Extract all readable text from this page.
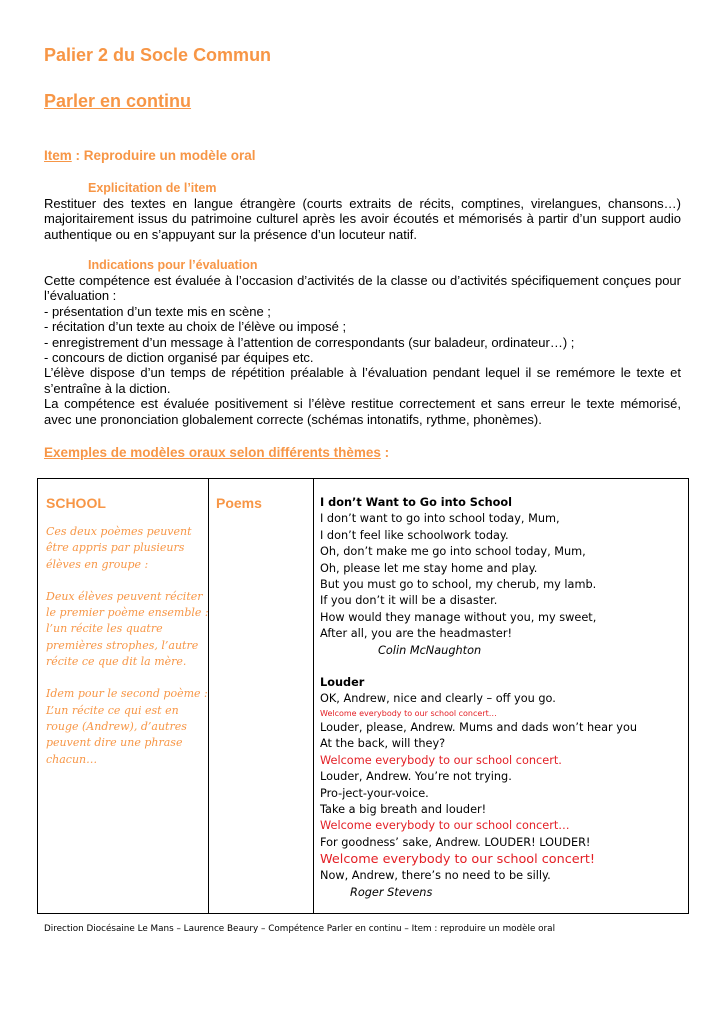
Palier 2 du Socle Commun
Parler en continu
Item : Reproduire un modèle oral
Explicitation de l’item

Restituer des textes en langue étrangère (courts extraits de récits, comptines, virelangues, chansons…) majoritairement issus du patrimoine culturel après les avoir écoutés et mémorisés à partir d’un support audio authentique ou en s’appuyant sur la présence d’un locuteur natif.

Indications pour l’évaluation

Cette compétence est évaluée à l’occasion d’activités de la classe ou d’activités spécifiquement conçues pour l’évaluation :

- présentation d’un texte mis en scène ;

- récitation d’un texte au choix de l’élève ou imposé ;

- enregistrement d’un message à l’attention de correspondants (sur baladeur, ordinateur…) ;

- concours de diction organisé par équipes etc.

L’élève dispose d’un temps de répétition préalable à l’évaluation pendant lequel il se remémore le texte et s’entraîne à la diction.

La compétence est évaluée positivement si l’élève restitue correctement et sans erreur le texte mémorisé, avec une prononciation globalement correcte (schémas intonatifs, rythme, phonèmes).

Exemples de modèles oraux selon différents thèmes :
SCHOOL

Ces deux poèmes peuvent être appris par plusieurs élèves en groupe :

Deux élèves peuvent réciter le premier poème ensemble : l’un récite les quatre premières strophes, l’autre récite ce que dit la mère.

Idem pour le second poème : L’un récite ce qui est en rouge (Andrew), d’autres peuvent dire une phrase chacun…

Poems	I don’t Want to Go into School
I don’t want to go into school today, Mum,
I don’t feel like schoolwork today.
Oh, don’t make me go into school today, Mum,
Oh, please let me stay home and play.
But you must go to school, my cherub, my lamb.
If you don’t it will be a disaster.
How would they manage without you, my sweet,
After all, you are the headmaster!
Colin McNaughton
Louder
OK, Andrew, nice and clearly – off you go.
Welcome everybody to our school concert…
Louder, please, Andrew. Mums and dads won’t hear you
At the back, will they?
Welcome everybody to our school concert.
Louder, Andrew. You’re not trying.
Pro-ject-your-voice.
Take a big breath and louder!
Welcome everybody to our school concert…
For goodness’ sake, Andrew. LOUDER! LOUDER!
Welcome everybody to our school concert!
Now, Andrew, there’s no need to be silly.
Roger Stevens
Direction Diocésaine Le Mans – Laurence Beaury – Compétence Parler en continu – Item : reproduire un modèle oral
